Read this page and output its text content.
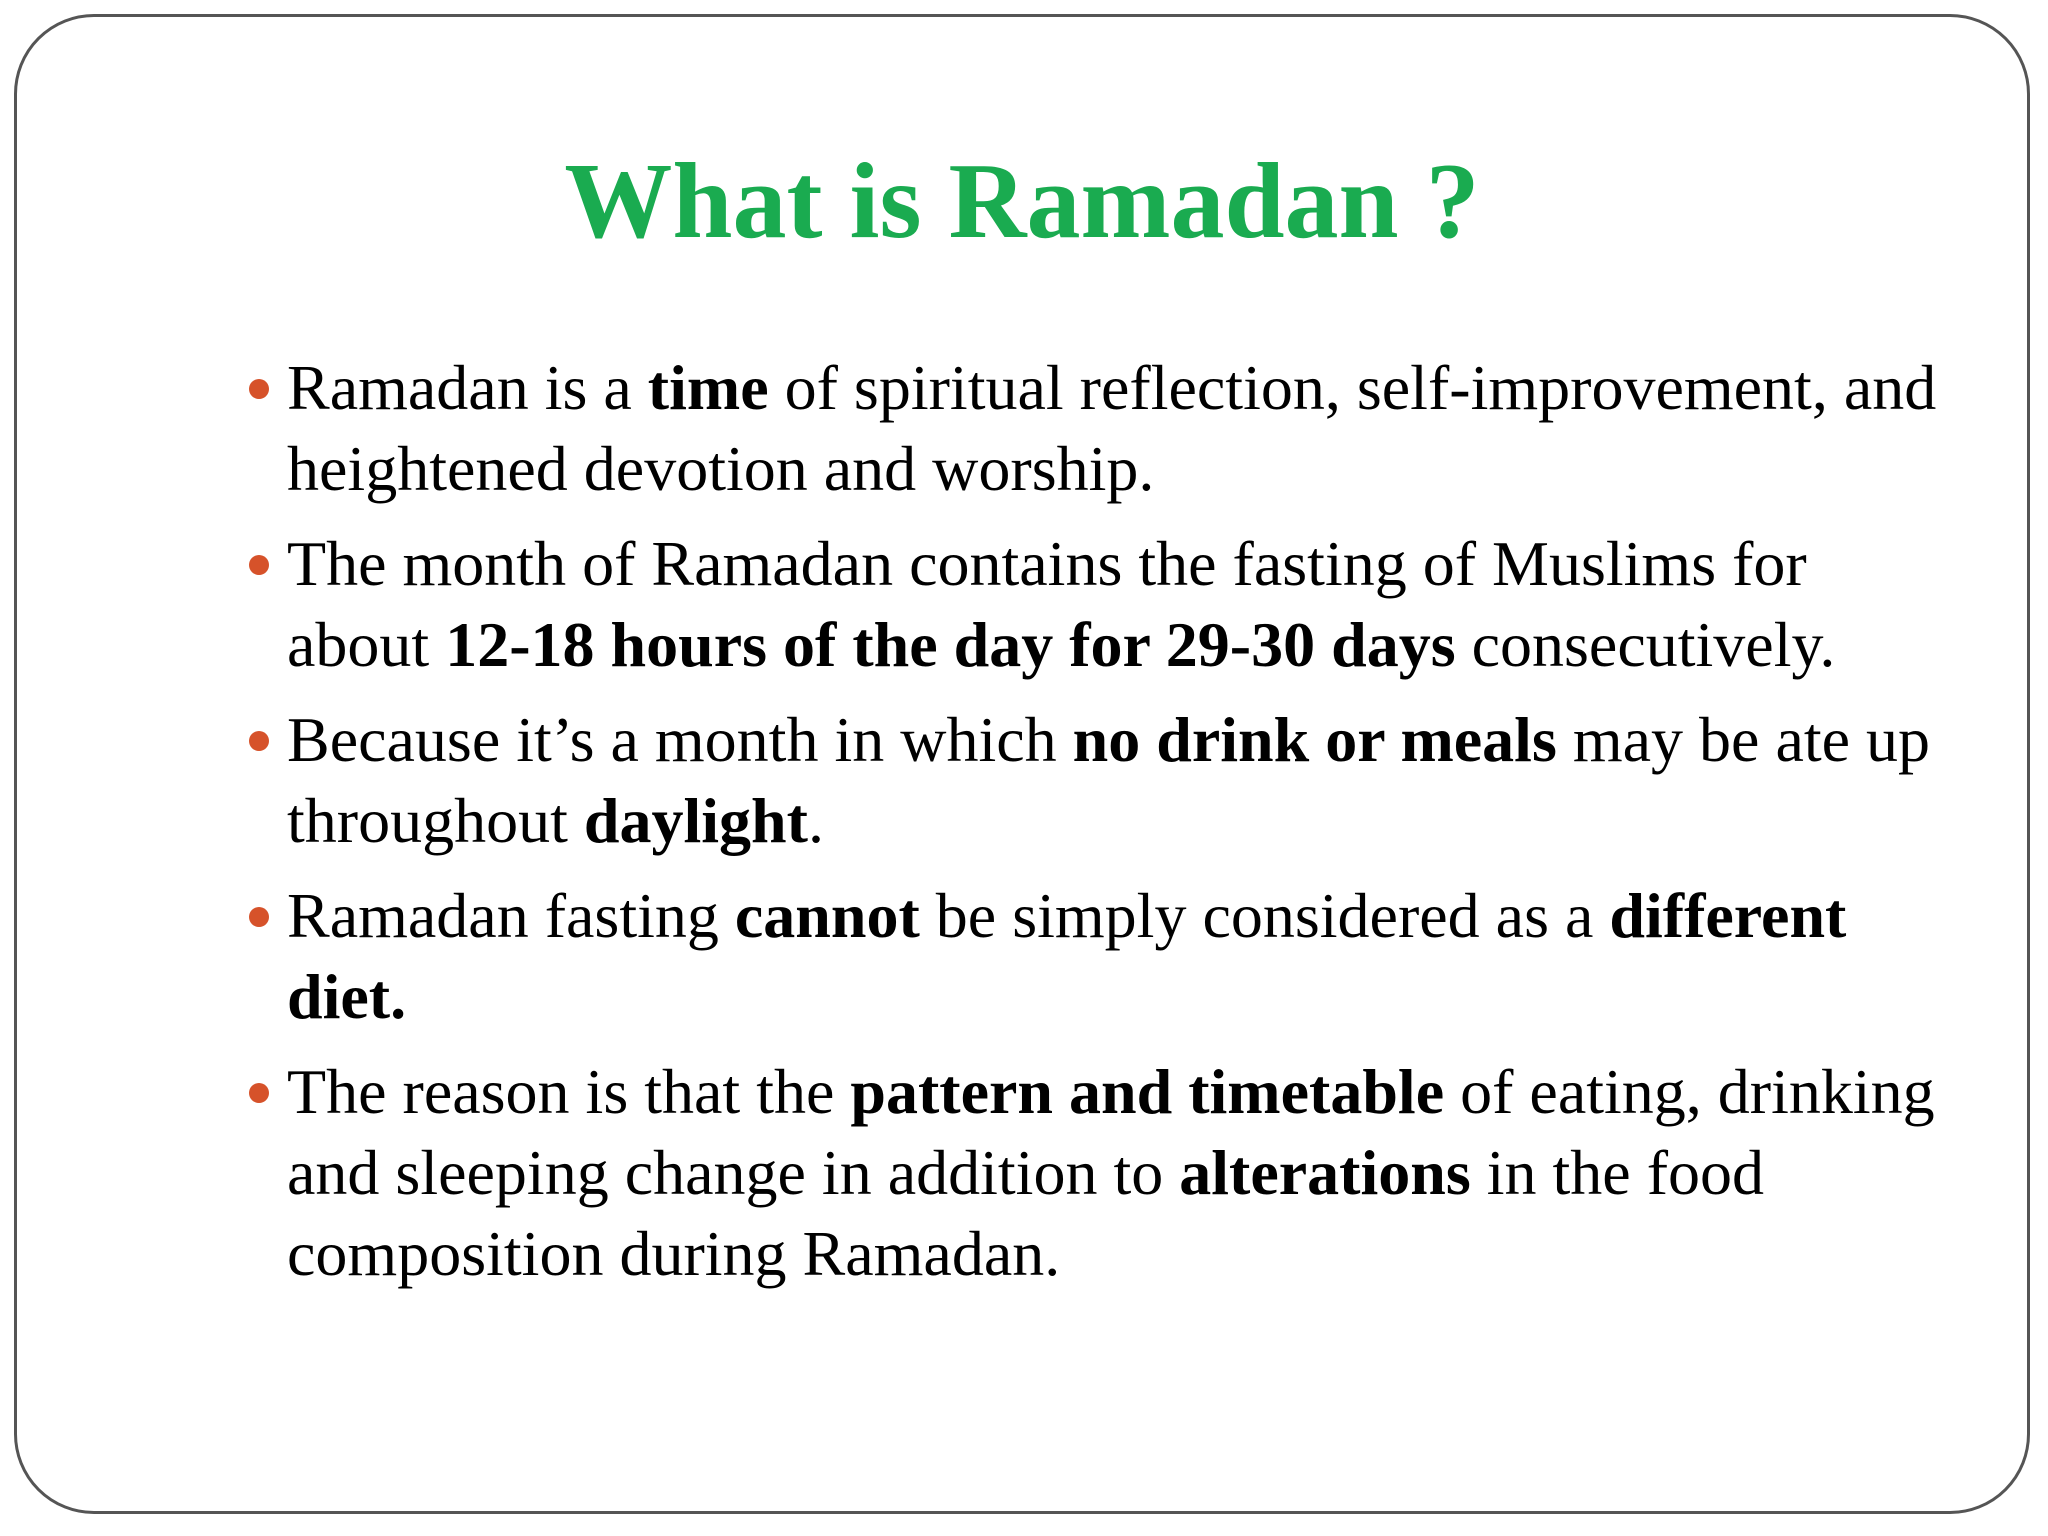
What is Ramadan ?
Ramadan is a time of spiritual reflection, self-improvement, and heightened devotion and worship.
The month of Ramadan contains the fasting of Muslims for about 12-18 hours of the day for 29-30 days consecutively.
Because it’s a month in which no drink or meals may be ate up throughout daylight.
Ramadan fasting cannot be simply considered as a different diet.
The reason is that the pattern and timetable of eating, drinking and sleeping change in addition to alterations in the food composition during Ramadan.
